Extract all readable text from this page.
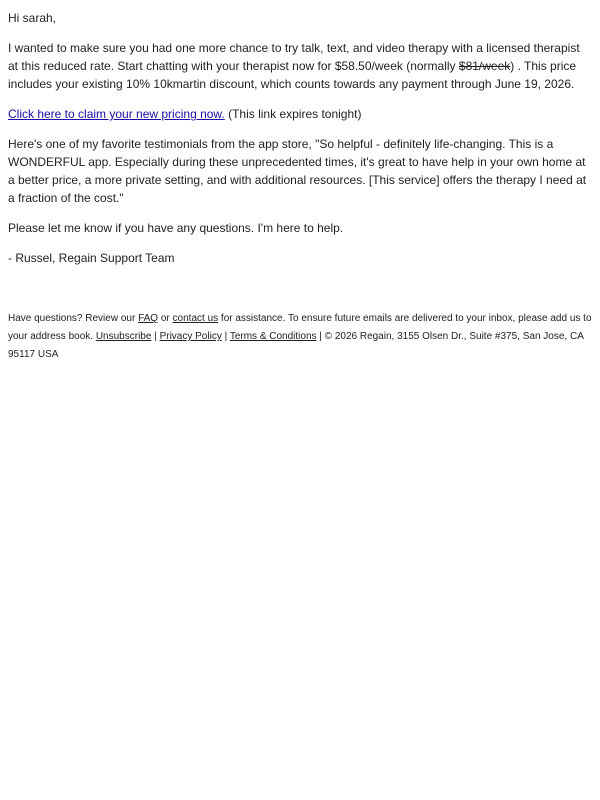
Hi sarah,

I wanted to make sure you had one more chance to try talk, text, and video therapy with a licensed therapist at this reduced rate. Start chatting with your therapist now for $58.50/week (normally $81/week) . This price includes your existing 10% 10kmartin discount, which counts towards any payment through June 19, 2026.

Click here to claim your new pricing now. (This link expires tonight)

Here's one of my favorite testimonials from the app store, "So helpful - definitely life-changing. This is a WONDERFUL app. Especially during these unprecedented times, it's great to have help in your own home at a better price, a more private setting, and with additional resources. [This service] offers the therapy I need at a fraction of the cost."

Please let me know if you have any questions. I'm here to help.

- Russel, Regain Support Team

Have questions? Review our FAQ or contact us for assistance. To ensure future emails are delivered to your inbox, please add us to your address book. Unsubscribe | Privacy Policy | Terms & Conditions | © 2026 Regain, 3155 Olsen Dr., Suite #375, San Jose, CA 95117 USA
